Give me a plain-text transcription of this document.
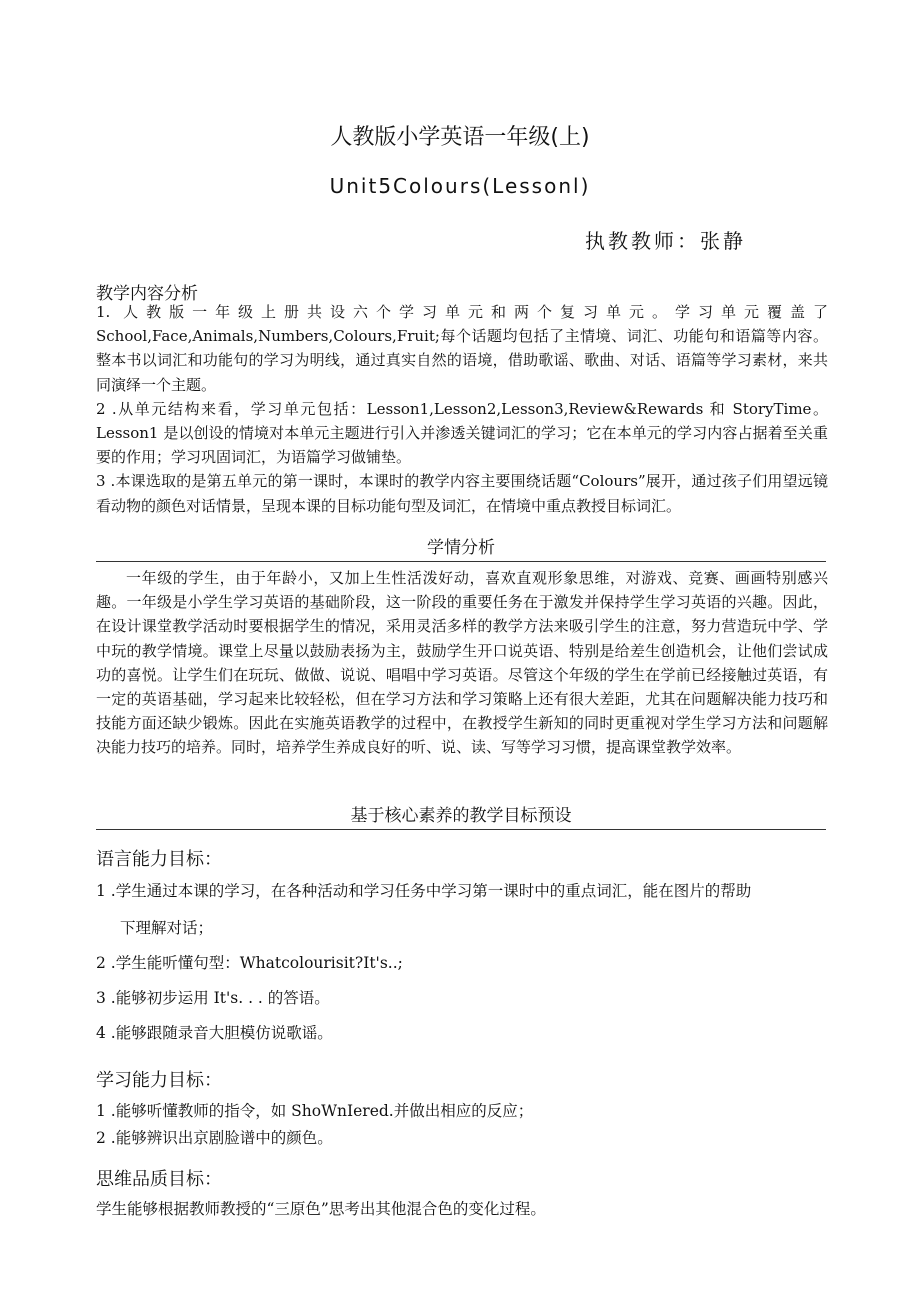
人教版小学英语一年级(上)
Unit5Colours(Lessonl)
执教教师：张静
教学内容分析

1. 人教版一年级上册共设六个学习单元和两个复习单元。学习单元覆盖了School,Face,Animals,Numbers,Colours,Fruit;每个话题均包括了主情境、词汇、功能句和语篇等内容。整本书以词汇和功能句的学习为明线，通过真实自然的语境，借助歌谣、歌曲、对话、语篇等学习素材，来共同演绎一个主题。

2 .从单元结构来看，学习单元包括：Lesson1,Lesson2,Lesson3,Review&Rewards 和 StoryTime。Lesson1 是以创设的情境对本单元主题进行引入并渗透关键词汇的学习；它在本单元的学习内容占据着至关重要的作用；学习巩固词汇，为语篇学习做铺垫。

3 .本课选取的是第五单元的第一课时，本课时的教学内容主要围绕话题“Colours”展开，通过孩子们用望远镜看动物的颜色对话情景，呈现本课的目标功能句型及词汇，在情境中重点教授目标词汇。

学情分析

一年级的学生，由于年龄小，又加上生性活泼好动，喜欢直观形象思维，对游戏、竞赛、画画特别感兴趣。一年级是小学生学习英语的基础阶段，这一阶段的重要任务在于激发并保持学生学习英语的兴趣。因此，在设计课堂教学活动时要根据学生的情况，采用灵活多样的教学方法来吸引学生的注意，努力营造玩中学、学中玩的教学情境。课堂上尽量以鼓励表扬为主，鼓励学生开口说英语、特别是给差生创造机会，让他们尝试成功的喜悦。让学生们在玩玩、做做、说说、唱唱中学习英语。尽管这个年级的学生在学前已经接触过英语，有一定的英语基础，学习起来比较轻松，但在学习方法和学习策略上还有很大差距，尤其在问题解决能力技巧和技能方面还缺少锻炼。因此在实施英语教学的过程中，在教授学生新知的同时更重视对学生学习方法和问题解决能力技巧的培养。同时，培养学生养成良好的听、说、读、写等学习习惯，提高课堂教学效率。

基于核心素养的教学目标预设
语言能力目标：
1 .学生通过本课的学习，在各种活动和学习任务中学习第一课时中的重点词汇，能在图片的帮助
下理解对话；
2 .学生能听懂句型：Whatcolourisit?It's..;
3 .能够初步运用 It's. . . 的答语。
4 .能够跟随录音大胆模仿说歌谣。
学习能力目标：
1 .能够听懂教师的指令，如 ShoWnIered.并做出相应的反应；
2 .能够辨识出京剧脸谱中的颜色。
思维品质目标：
学生能够根据教师教授的“三原色”思考出其他混合色的变化过程。
